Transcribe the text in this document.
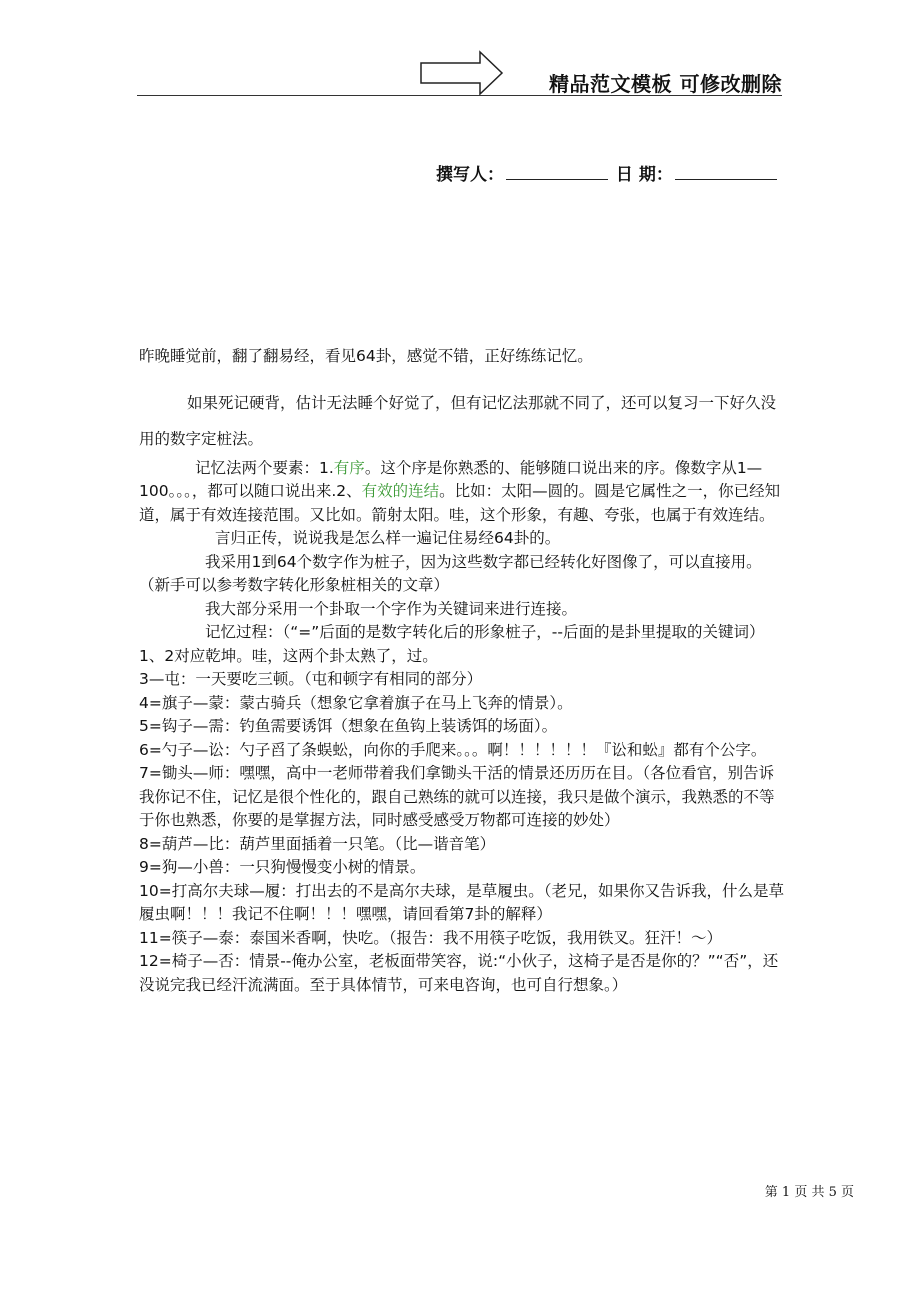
精品范文模板 可修改删除
撰写人：	日 期：

昨晚睡觉前，翻了翻易经，看见64卦，感觉不错，正好练练记忆。

如果死记硬背，估计无法睡个好觉了，但有记忆法那就不同了，还可以复习一下好久没用的数字定桩法。

记忆法两个要素：1.有序。这个序是你熟悉的、能够随口说出来的序。像数字从1—100。。。，都可以随口说出来.2、有效的连结。比如：太阳—圆的。圆是它属性之一，你已经知道，属于有效连接范围。又比如。箭射太阳。哇，这个形象，有趣、夸张，也属于有效连结。

言归正传，说说我是怎么样一遍记住易经64卦的。

我采用1到64个数字作为桩子，因为这些数字都已经转化好图像了，可以直接用。（新手可以参考数字转化形象桩相关的文章）

我大部分采用一个卦取一个字作为关键词来进行连接。

记忆过程：（“=”后面的是数字转化后的形象桩子，--后面的是卦里提取的关键词）

1、2对应乾坤。哇，这两个卦太熟了，过。

3—屯：一天要吃三顿。（屯和顿字有相同的部分）

4=旗子—蒙：蒙古骑兵（想象它拿着旗子在马上飞奔的情景）。

5=钩子—需：钓鱼需要诱饵（想象在鱼钩上装诱饵的场面）。

6=勺子—讼：勺子舀了条蜈蚣，向你的手爬来。。。啊！！！！！！『讼和蚣』都有个公字。

7=锄头—师：嘿嘿，高中一老师带着我们拿锄头干活的情景还历历在目。（各位看官，别告诉我你记不住，记忆是很个性化的，跟自己熟练的就可以连接，我只是做个演示，我熟悉的不等于你也熟悉，你要的是掌握方法，同时感受感受万物都可连接的妙处）

8=葫芦—比：葫芦里面插着一只笔。（比—谐音笔）

9=狗—小兽：一只狗慢慢变小树的情景。

10=打高尔夫球—履：打出去的不是高尔夫球，是草履虫。（老兄，如果你又告诉我，什么是草履虫啊！！！我记不住啊！！！嘿嘿，请回看第7卦的解释）

11=筷子—泰：泰国米香啊，快吃。（报告：我不用筷子吃饭，我用铁叉。狂汗！～）

12=椅子—否：情景--俺办公室，老板面带笑容，说:“小伙子，这椅子是否是你的？”“否”，还没说完我已经汗流满面。至于具体情节，可来电咨询，也可自行想象。）

第 1 页 共 5 页
